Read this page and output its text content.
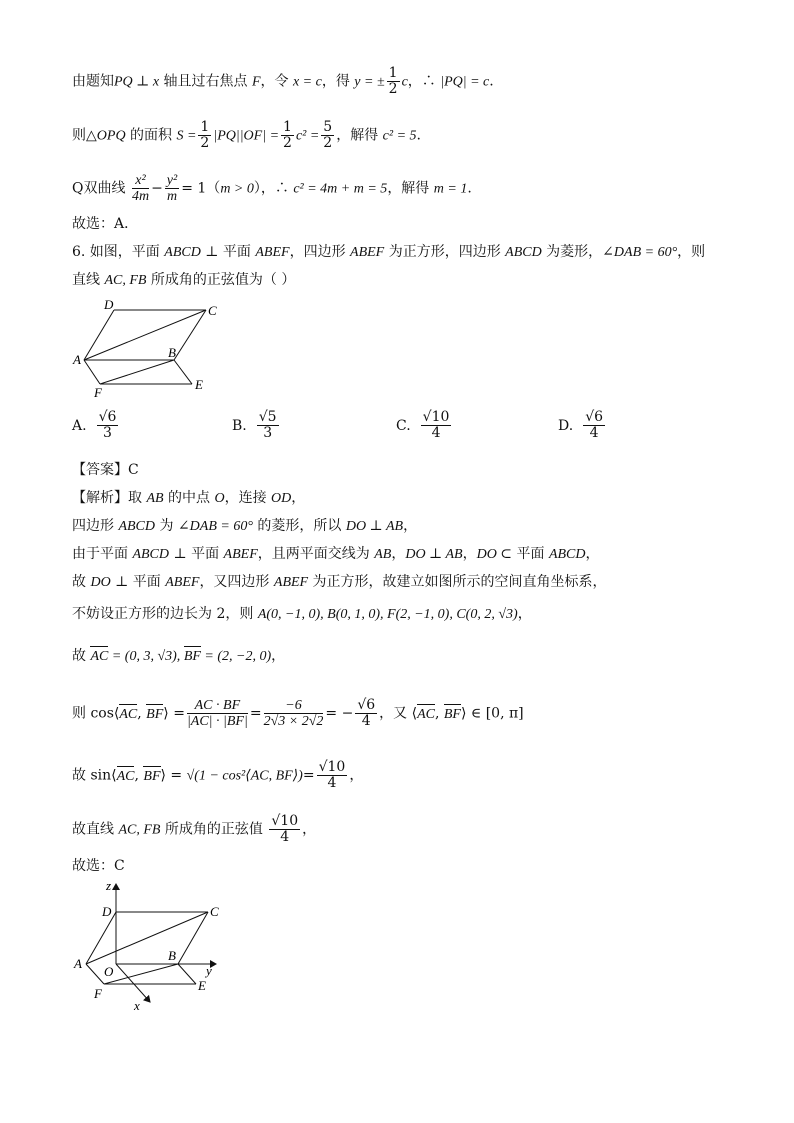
由题知PQ ⊥ x 轴且过右焦点 F，令 x = c，得 y = ± $\frac{1}{2}$ c，∴ |PQ| = c.
则△OPQ 的面积 $S = \frac{1}{2} |PQ||OF| = \frac{1}{2} c^2 = \frac{5}{2}$ ，解得 c² = 5.
Q双曲线 $\frac{\text{x²}}{4m} - \frac{\text{y²}}{m} = 1(m > 0)$，∴ c² = 4m + m = 5，解得 m = 1.
故选：A．
6. 如图，平面 ABCD ⊥ 平面 ABEF，四边形 ABEF 为正方形，四边形 ABCD 为菱形，∠DAB = 60°，则
直线 AC, FB 所成角的正弦值为（ ）
D	C
A	B
F
E
A. $\frac{√6}{3}$	B. $\frac{√5}{3}$	C. $\frac{√10}{4}$	D. $\frac{√6}{4}$
【答案】C
【解析】取 AB 的中点 O，连接 OD，
四边形 ABCD 为 ∠DAB = 60° 的菱形，所以 DO ⊥ AB，
由于平面 ABCD ⊥ 平面 ABEF，且两平面交线为 AB，DO ⊥ AB，DO ⊂ 平面 ABCD，
故 DO ⊥ 平面 ABEF，又四边形 ABEF 为正方形，故建立如图所示的空间直角坐标系，
不妨设正方形的边长为 2，则 A(0, −1, 0), B(0, 1, 0), F(2, −1, 0), C(0, 2, √3)，
故 AC = (0, 3, √3), BF = (2, −2, 0)，
则 cos⟨AC, BF⟩ = $\frac{AC \cdot BF}{|AC| \cdot |BF|} = \frac{-6}{2√3 \times 2√2}$ = − $\frac{√6}{4}$ ，又 ⟨AC, BF⟩ ∈ [0, π]
故 sin⟨AC, BF⟩ = √(1 − cos²⟨AC, BF⟩)= $\frac{√10}{4}$ ，
故直线 AC, FB 所成角的正弦值 $\frac{√10}{4}$ ，
故选：C
z
D	C
A
O
B
y
F
E
x
